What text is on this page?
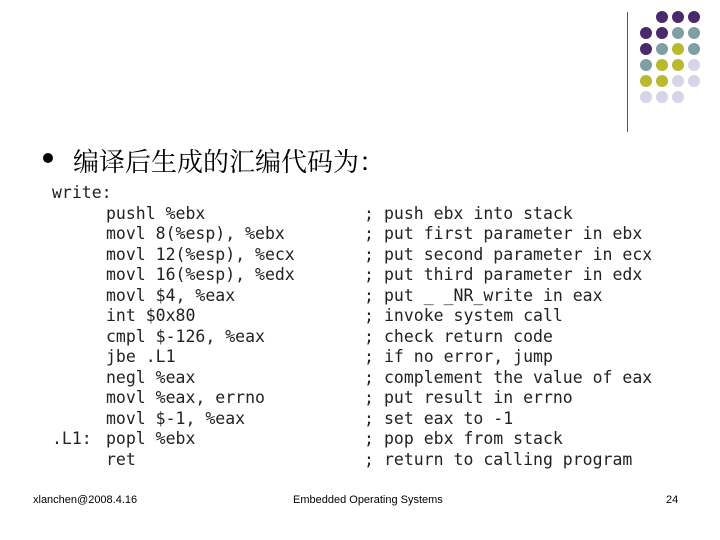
编译后生成的汇编代码为：
write:
pushl %ebx	; push ebx into stack
movl 8(%esp), %ebx	; put first parameter in ebx
movl 12(%esp), %ecx	; put second parameter in ecx
movl 16(%esp), %edx	; put third parameter in edx
movl $4, %eax	; put _ _NR_write in eax
int $0x80	; invoke system call
cmpl $-126, %eax	; check return code
jbe .L1	; if no error, jump
negl %eax	; complement the value of eax
movl %eax, errno	; put result in errno
movl $-1, %eax	; set eax to -1
.L1: popl %ebx	; pop ebx from stack
ret	; return to calling program
xlanchen@2008.4.16	Embedded Operating Systems	24
